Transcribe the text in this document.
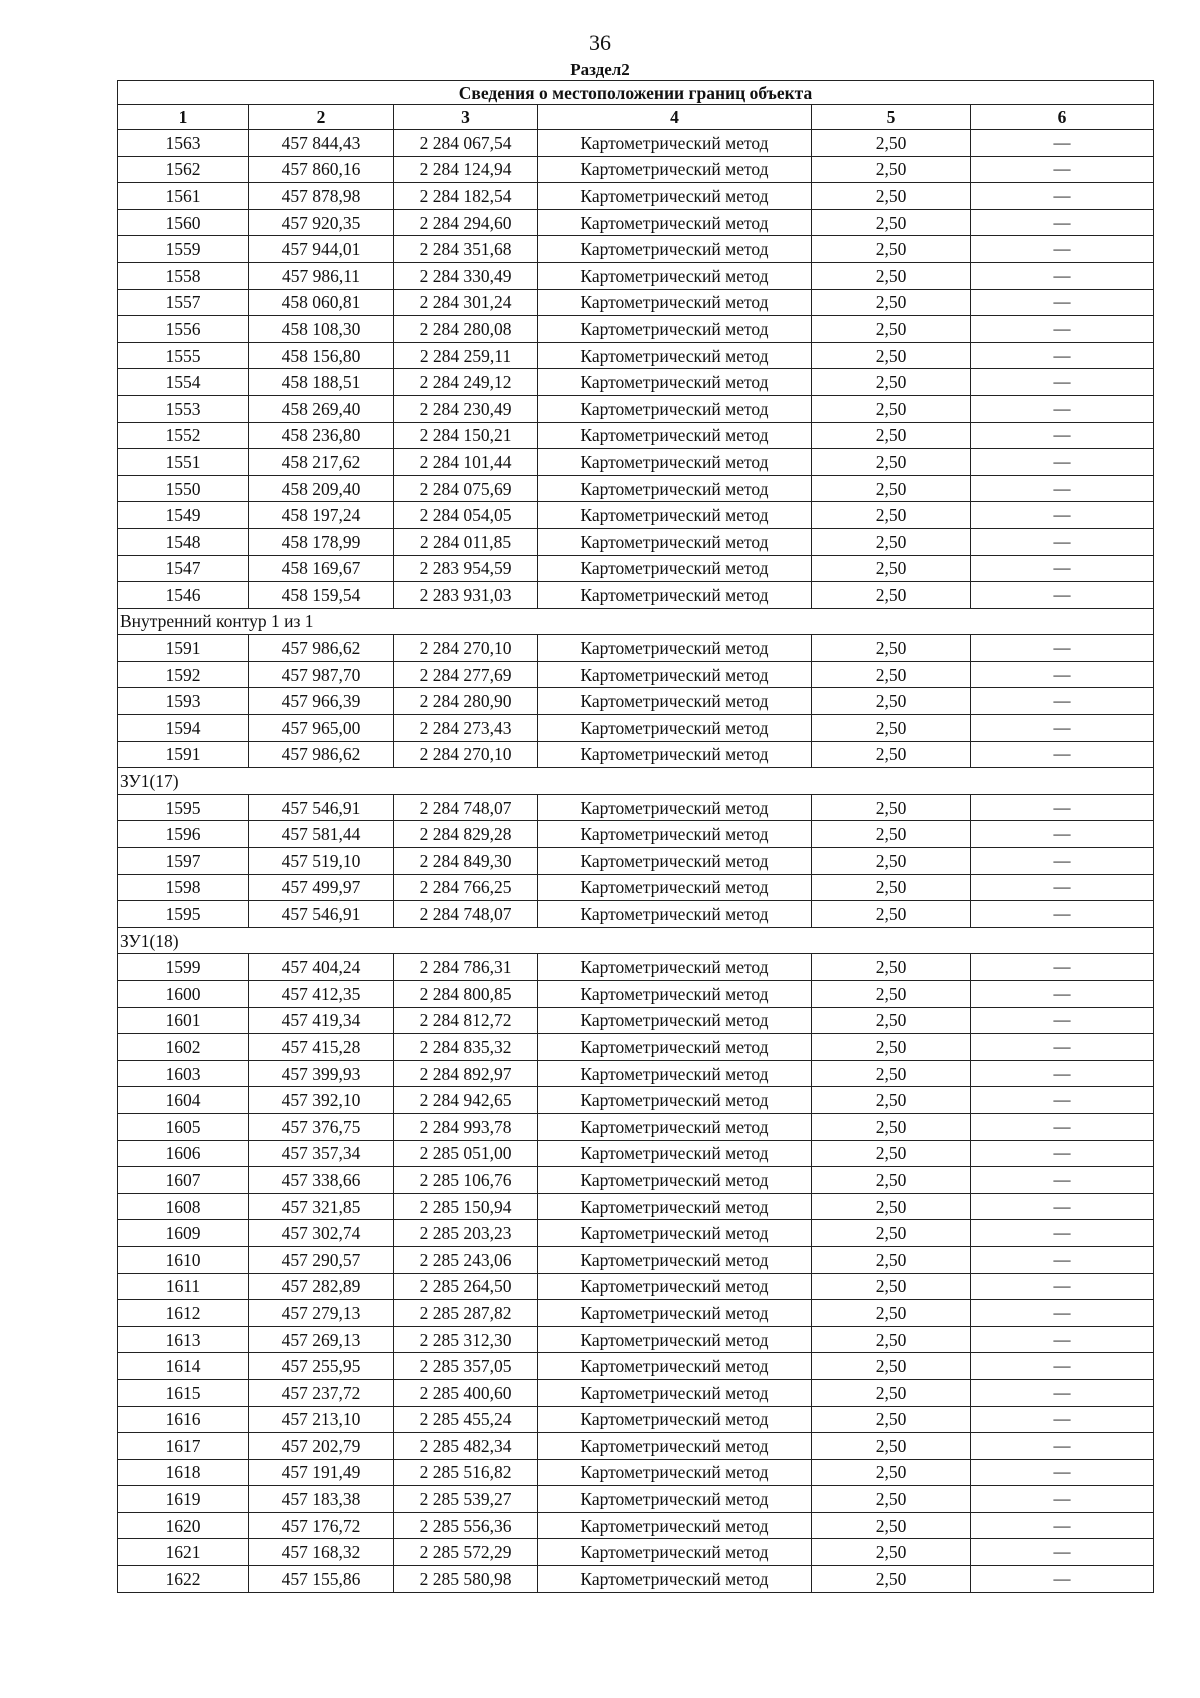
36
Раздел2
Сведения о местоположении границ объекта					
1	2	3	4	5	6
1563	457 844,43	2 284 067,54	Картометрический метод	2,50	—
1562	457 860,16	2 284 124,94	Картометрический метод	2,50	—
1561	457 878,98	2 284 182,54	Картометрический метод	2,50	—
1560	457 920,35	2 284 294,60	Картометрический метод	2,50	—
1559	457 944,01	2 284 351,68	Картометрический метод	2,50	—
1558	457 986,11	2 284 330,49	Картометрический метод	2,50	—
1557	458 060,81	2 284 301,24	Картометрический метод	2,50	—
1556	458 108,30	2 284 280,08	Картометрический метод	2,50	—
1555	458 156,80	2 284 259,11	Картометрический метод	2,50	—
1554	458 188,51	2 284 249,12	Картометрический метод	2,50	—
1553	458 269,40	2 284 230,49	Картометрический метод	2,50	—
1552	458 236,80	2 284 150,21	Картометрический метод	2,50	—
1551	458 217,62	2 284 101,44	Картометрический метод	2,50	—
1550	458 209,40	2 284 075,69	Картометрический метод	2,50	—
1549	458 197,24	2 284 054,05	Картометрический метод	2,50	—
1548	458 178,99	2 284 011,85	Картометрический метод	2,50	—
1547	458 169,67	2 283 954,59	Картометрический метод	2,50	—
1546	458 159,54	2 283 931,03	Картометрический метод	2,50	—
Внутренний контур 1 из 1					
1591	457 986,62	2 284 270,10	Картометрический метод	2,50	—
1592	457 987,70	2 284 277,69	Картометрический метод	2,50	—
1593	457 966,39	2 284 280,90	Картометрический метод	2,50	—
1594	457 965,00	2 284 273,43	Картометрический метод	2,50	—
1591	457 986,62	2 284 270,10	Картометрический метод	2,50	—
ЗУ1(17)					
1595	457 546,91	2 284 748,07	Картометрический метод	2,50	—
1596	457 581,44	2 284 829,28	Картометрический метод	2,50	—
1597	457 519,10	2 284 849,30	Картометрический метод	2,50	—
1598	457 499,97	2 284 766,25	Картометрический метод	2,50	—
1595	457 546,91	2 284 748,07	Картометрический метод	2,50	—
ЗУ1(18)					
1599	457 404,24	2 284 786,31	Картометрический метод	2,50	—
1600	457 412,35	2 284 800,85	Картометрический метод	2,50	—
1601	457 419,34	2 284 812,72	Картометрический метод	2,50	—
1602	457 415,28	2 284 835,32	Картометрический метод	2,50	—
1603	457 399,93	2 284 892,97	Картометрический метод	2,50	—
1604	457 392,10	2 284 942,65	Картометрический метод	2,50	—
1605	457 376,75	2 284 993,78	Картометрический метод	2,50	—
1606	457 357,34	2 285 051,00	Картометрический метод	2,50	—
1607	457 338,66	2 285 106,76	Картометрический метод	2,50	—
1608	457 321,85	2 285 150,94	Картометрический метод	2,50	—
1609	457 302,74	2 285 203,23	Картометрический метод	2,50	—
1610	457 290,57	2 285 243,06	Картометрический метод	2,50	—
1611	457 282,89	2 285 264,50	Картометрический метод	2,50	—
1612	457 279,13	2 285 287,82	Картометрический метод	2,50	—
1613	457 269,13	2 285 312,30	Картометрический метод	2,50	—
1614	457 255,95	2 285 357,05	Картометрический метод	2,50	—
1615	457 237,72	2 285 400,60	Картометрический метод	2,50	—
1616	457 213,10	2 285 455,24	Картометрический метод	2,50	—
1617	457 202,79	2 285 482,34	Картометрический метод	2,50	—
1618	457 191,49	2 285 516,82	Картометрический метод	2,50	—
1619	457 183,38	2 285 539,27	Картометрический метод	2,50	—
1620	457 176,72	2 285 556,36	Картометрический метод	2,50	—
1621	457 168,32	2 285 572,29	Картометрический метод	2,50	—
1622	457 155,86	2 285 580,98	Картометрический метод	2,50	—
